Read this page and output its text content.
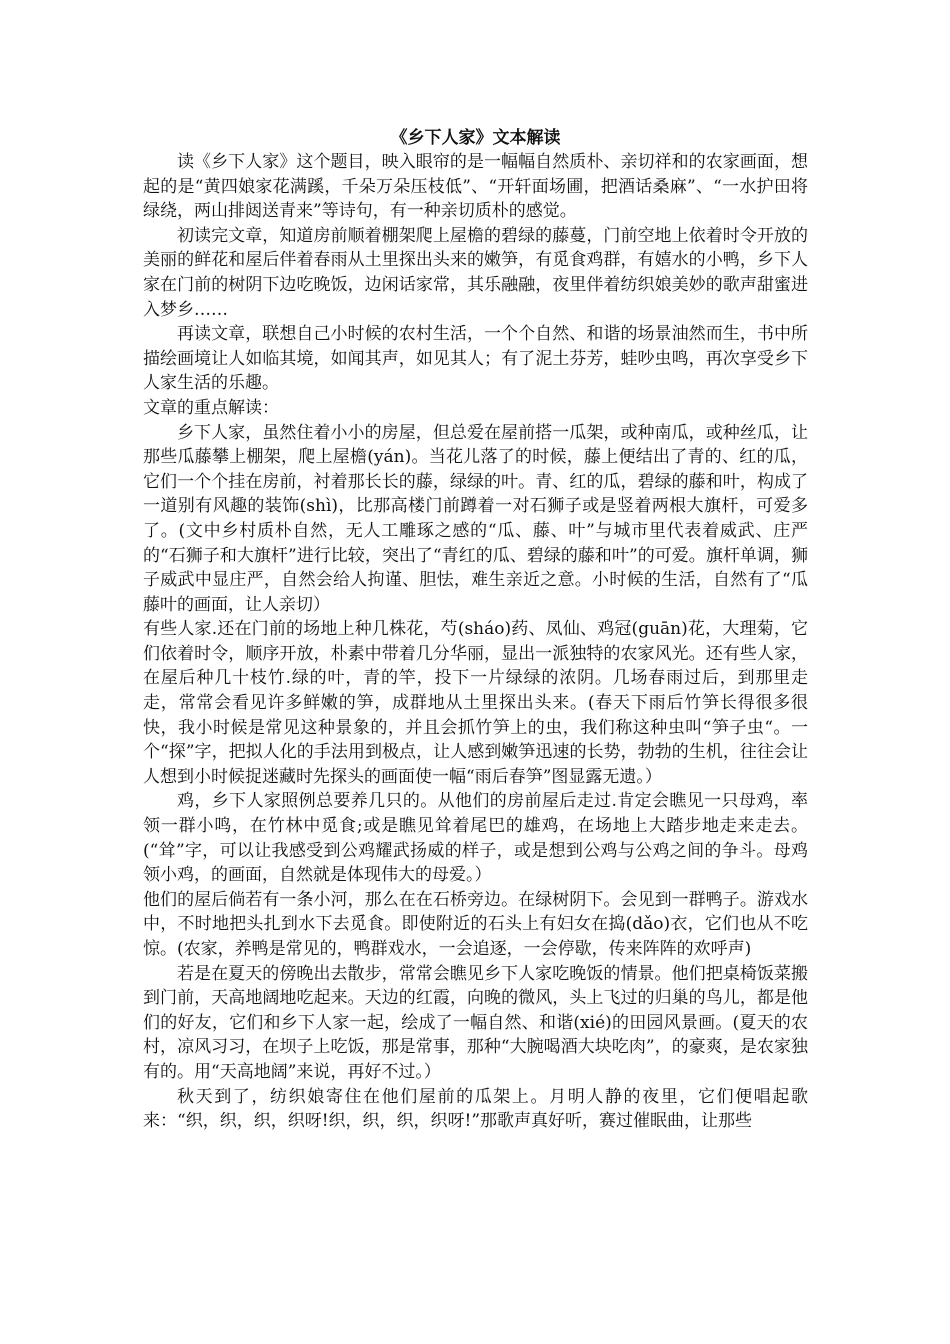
《乡下人家》文本解读

读《乡下人家》这个题目，映入眼帘的是一幅幅自然质朴、亲切祥和的农家画面，想起的是“黄四娘家花满蹊，千朵万朵压枝低”、“开轩面场圃，把酒话桑麻”、“一水护田将绿绕，两山排闼送青来”等诗句，有一种亲切质朴的感觉。

初读完文章，知道房前顺着棚架爬上屋檐的碧绿的藤蔓，门前空地上依着时令开放的美丽的鲜花和屋后伴着春雨从土里探出头来的嫩笋，有觅食鸡群，有嬉水的小鸭，乡下人家在门前的树阴下边吃晚饭，边闲话家常，其乐融融，夜里伴着纺织娘美妙的歌声甜蜜进入梦乡……

再读文章，联想自己小时候的农村生活，一个个自然、和谐的场景油然而生，书中所描绘画境让人如临其境，如闻其声，如见其人；有了泥土芬芳，蛙吵虫鸣，再次享受乡下人家生活的乐趣。

文章的重点解读：

乡下人家，虽然住着小小的房屋，但总爱在屋前搭一瓜架，或种南瓜，或种丝瓜，让那些瓜藤攀上棚架，爬上屋檐(yán)。当花儿落了的时候，藤上便结出了青的、红的瓜，它们一个个挂在房前，衬着那长长的藤，绿绿的叶。青、红的瓜，碧绿的藤和叶，构成了一道别有风趣的装饰(shì)，比那高楼门前蹲着一对石狮子或是竖着两根大旗杆，可爱多了。(文中乡村质朴自然，无人工雕琢之感的“瓜、藤、叶”与城市里代表着威武、庄严的“石狮子和大旗杆”进行比较，突出了“青红的瓜、碧绿的藤和叶”的可爱。旗杆单调，狮子威武中显庄严，自然会给人拘谨、胆怯，难生亲近之意。小时候的生活，自然有了“瓜藤叶的画面，让人亲切）

有些人家.还在门前的场地上种几株花，芍(sháo)药、凤仙、鸡冠(guān)花，大理菊，它们依着时令，顺序开放，朴素中带着几分华丽，显出一派独特的农家风光。还有些人家，在屋后种几十枝竹.绿的叶，青的竿，投下一片绿绿的浓阴。几场春雨过后，到那里走走，常常会看见许多鲜嫩的笋，成群地从土里探出头来。(春天下雨后竹笋长得很多很快，我小时候是常见这种景象的，并且会抓竹笋上的虫，我们称这种虫叫“笋子虫“。一个“探”字，把拟人化的手法用到极点，让人感到嫩笋迅速的长势，勃勃的生机，往往会让人想到小时候捉迷藏时先探头的画面使一幅“雨后春笋”图显露无遗。）

鸡，乡下人家照例总要养几只的。从他们的房前屋后走过.肯定会瞧见一只母鸡，率领一群小鸣，在竹林中觅食;或是瞧见耸着尾巴的雄鸡，在场地上大踏步地走来走去。(“耸”字，可以让我感受到公鸡耀武扬威的样子，或是想到公鸡与公鸡之间的争斗。母鸡领小鸡，的画面，自然就是体现伟大的母爱。）

他们的屋后倘若有一条小河，那么在在石桥旁边。在绿树阴下。会见到一群鸭子。游戏水中，不时地把头扎到水下去觅食。即使附近的石头上有妇女在捣(dǎo)衣，它们也从不吃惊。(农家，养鸭是常见的，鸭群戏水，一会追逐，一会停歇，传来阵阵的欢呼声)

若是在夏天的傍晚出去散步，常常会瞧见乡下人家吃晚饭的情景。他们把桌椅饭菜搬到门前，天高地阔地吃起来。天边的红霞，向晚的微风，头上飞过的归巢的鸟儿，都是他们的好友，它们和乡下人家一起，绘成了一幅自然、和谐(xié)的田园风景画。(夏天的农村，凉风习习，在坝子上吃饭，那是常事，那种“大腕喝酒大块吃肉”，的豪爽，是农家独有的。用“天高地阔”来说，再好不过。）

秋天到了，纺织娘寄住在他们屋前的瓜架上。月明人静的夜里，它们便唱起歌来：“织，织，织，织呀!织，织，织，织呀!”那歌声真好听，赛过催眠曲，让那些
